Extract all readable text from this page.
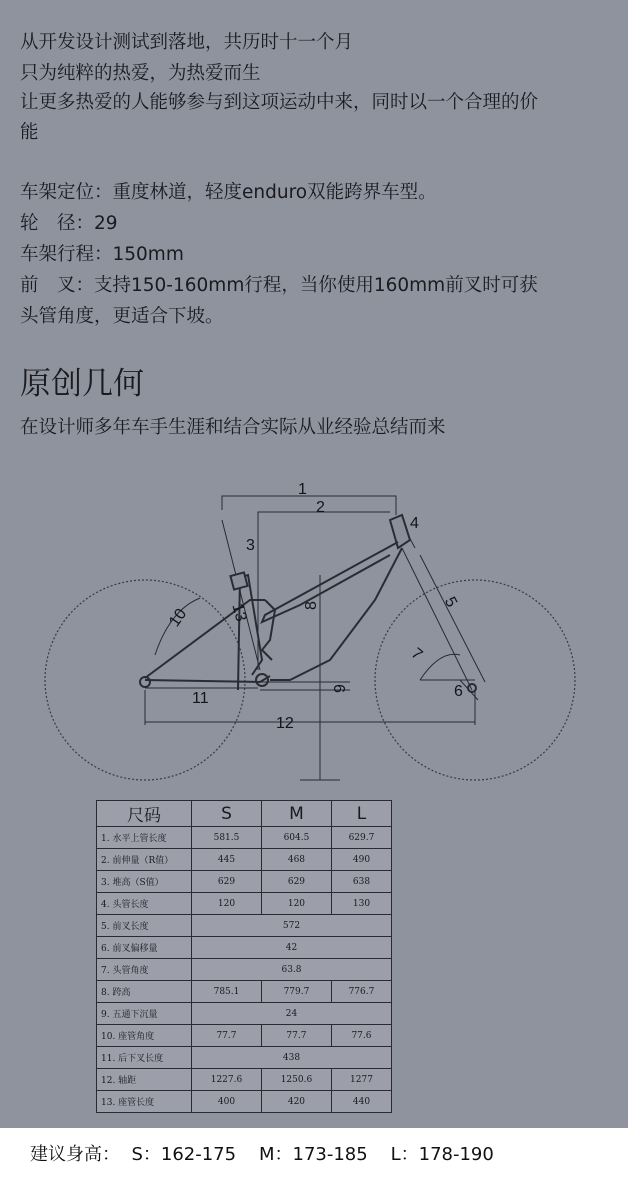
从开发设计测试到落地，共历时十一个月
只为纯粹的热爱，为热爱而生
让更多热爱的人能够参与到这项运动中来，同时以一个合理的价
能
车架定位：重度林道，轻度enduro双能跨界车型。
轮　径：29
车架行程：150mm
前　叉：支持150-160mm行程，当你使用160mm前叉时可获
头管角度，更适合下坡。
原创几何
在设计师多年车手生涯和结合实际从业经验总结而来
1
2
3
4
5
6
7
8
9
10
11
12
13
尺码	S	M	L
1. 水平上管长度	581.5	604.5	629.7
2. 前伸量（R值）	445	468	490
3. 堆高（S值）	629	629	638
4. 头管长度	120	120	130
5. 前叉长度	572		
6. 前叉偏移量	42		
7. 头管角度	63.8		
8. 跨高	785.1	779.7	776.7
9. 五通下沉量	24		
10. 座管角度	77.7	77.7	77.6
11. 后下叉长度	438		
12. 轴距	1227.6	1250.6	1277
13. 座管长度	400	420	440
建议身高：  S：162-175    M：173-185    L：178-190
